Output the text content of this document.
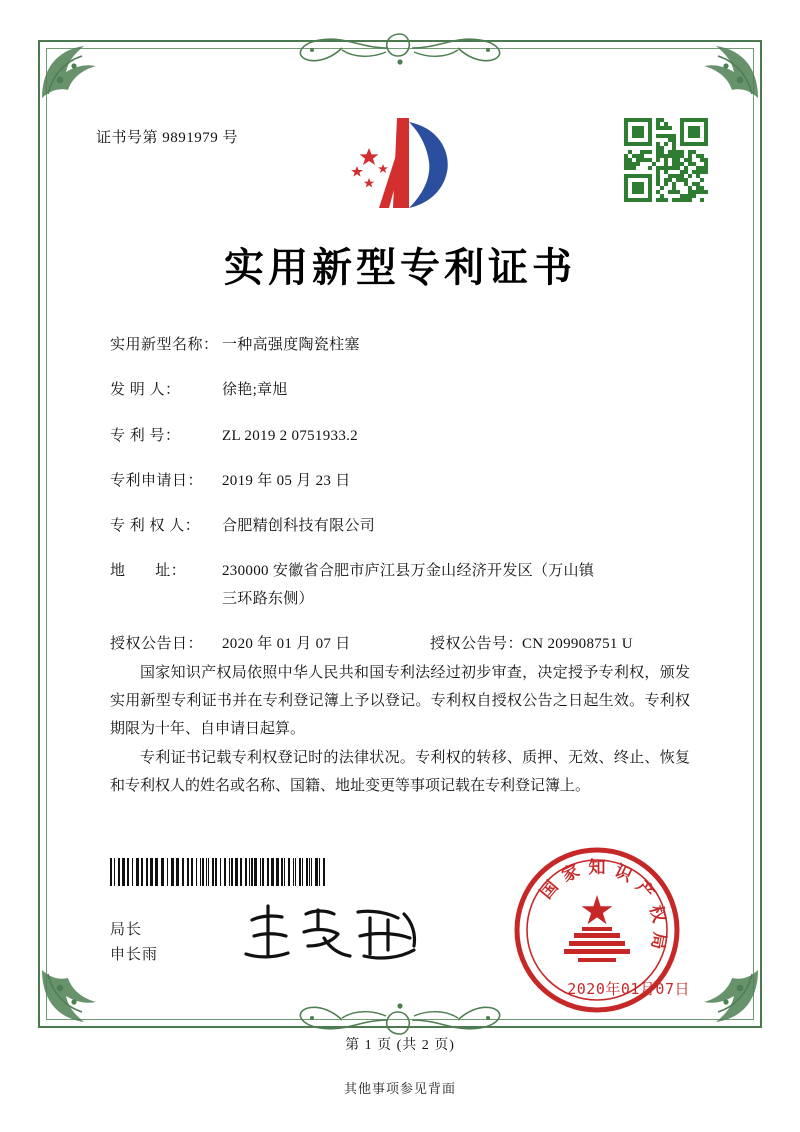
证书号第 9891979 号
实用新型专利证书
实用新型名称： 一种高强度陶瓷柱塞
发 明 人：	徐艳;章旭
专 利 号：	ZL 2019 2 0751933.2
专利申请日：	2019 年 05 月 23 日
专 利 权 人：	合肥精创科技有限公司
地       址：	230000 安徽省合肥市庐江县万金山经济开发区（万山镇
三环路东侧）
授权公告日：	2020 年 01 月 07 日	授权公告号：
CN 209908751 U

国家知识产权局依照中华人民共和国专利法经过初步审查，决定授予专利权，颁发实用新型专利证书并在专利登记簿上予以登记。专利权自授权公告之日起生效。专利权期限为十年、自申请日起算。

专利证书记载专利权登记时的法律状况。专利权的转移、质押、无效、终止、恢复和专利权人的姓名或名称、国籍、地址变更等事项记载在专利登记簿上。

局长
申长雨
国
家 知 识
产
权
局
2020年01月07日
第 1 页 (共 2 页)
其他事项参见背面
